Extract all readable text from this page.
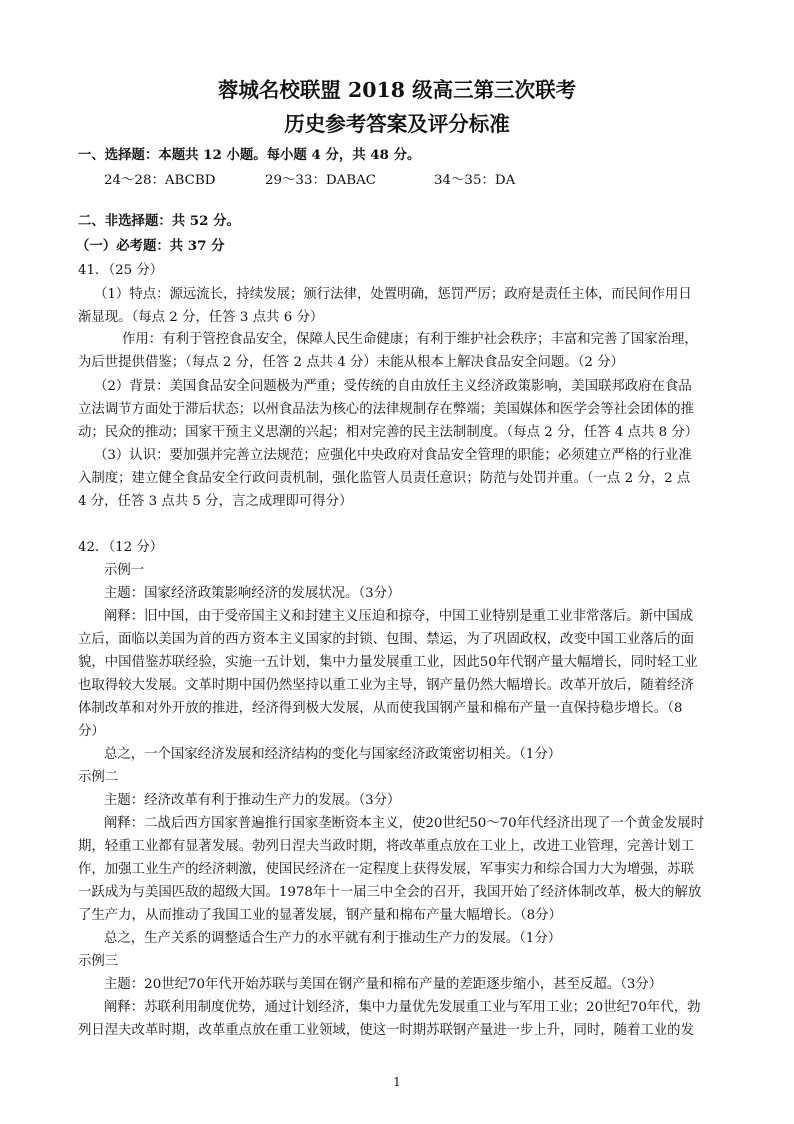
蓉城名校联盟 2018 级高三第三次联考
历史参考答案及评分标准
一、选择题：本题共 12 小题。每小题 4 分，共 48 分。
24～28：ABCBD	29～33：DABAC	34～35：DA
二、非选择题：共 52 分。
（一）必考题：共 37 分
41．（25 分）
（1）特点：源远流长，持续发展；颁行法律，处置明确，惩罚严厉；政府是责任主体，而民间作用日
渐显现。（每点 2 分，任答 3 点共 6 分）
作用：有利于管控食品安全，保障人民生命健康；有利于维护社会秩序；丰富和完善了国家治理，
为后世提供借鉴；（每点 2 分，任答 2 点共 4 分）未能从根本上解决食品安全问题。（2 分）
（2）背景：美国食品安全问题极为严重；受传统的自由放任主义经济政策影响，美国联邦政府在食品
立法调节方面处于滞后状态；以州食品法为核心的法律规制存在弊端；美国媒体和医学会等社会团体的推
动；民众的推动；国家干预主义思潮的兴起；相对完善的民主法制制度。（每点 2 分，任答 4 点共 8 分）
（3）认识：要加强并完善立法规范；应强化中央政府对食品安全管理的职能；必须建立严格的行业准
入制度；建立健全食品安全行政问责机制，强化监管人员责任意识；防范与处罚并重。（一点 2 分，2 点
4 分，任答 3 点共 5 分，言之成理即可得分）
42．（12 分）
示例一
主题：国家经济政策影响经济的发展状况。（3分）
阐释：旧中国，由于受帝国主义和封建主义压迫和掠夺，中国工业特别是重工业非常落后。新中国成
立后，面临以美国为首的西方资本主义国家的封锁、包围、禁运，为了巩固政权，改变中国工业落后的面
貌，中国借鉴苏联经验，实施一五计划，集中力量发展重工业，因此50年代钢产量大幅增长，同时轻工业
也取得较大发展。文革时期中国仍然坚持以重工业为主导，钢产量仍然大幅增长。改革开放后，随着经济
体制改革和对外开放的推进，经济得到极大发展，从而使我国钢产量和棉布产量一直保持稳步增长。（8
分）
总之，一个国家经济发展和经济结构的变化与国家经济政策密切相关。（1分）
示例二
主题：经济改革有利于推动生产力的发展。（3分）
阐释：二战后西方国家普遍推行国家垄断资本主义，使20世纪50～70年代经济出现了一个黄金发展时
期，轻重工业都有显著发展。勃列日涅夫当政时期，将改革重点放在工业上，改进工业管理，完善计划工
作，加强工业生产的经济刺激，使国民经济在一定程度上获得发展，军事实力和综合国力大为增强，苏联
一跃成为与美国匹敌的超级大国。1978年十一届三中全会的召开，我国开始了经济体制改革，极大的解放
了生产力，从而推动了我国工业的显著发展，钢产量和棉布产量大幅增长。（8分）
总之，生产关系的调整适合生产力的水平就有利于推动生产力的发展。（1分）
示例三
主题：20世纪70年代开始苏联与美国在钢产量和棉布产量的差距逐步缩小，甚至反超。（3分）
阐释：苏联利用制度优势，通过计划经济，集中力量优先发展重工业与军用工业；20世纪70年代，勃
列日涅夫改革时期，改革重点放在重工业领域，使这一时期苏联钢产量进一步上升，同时，随着工业的发
1
